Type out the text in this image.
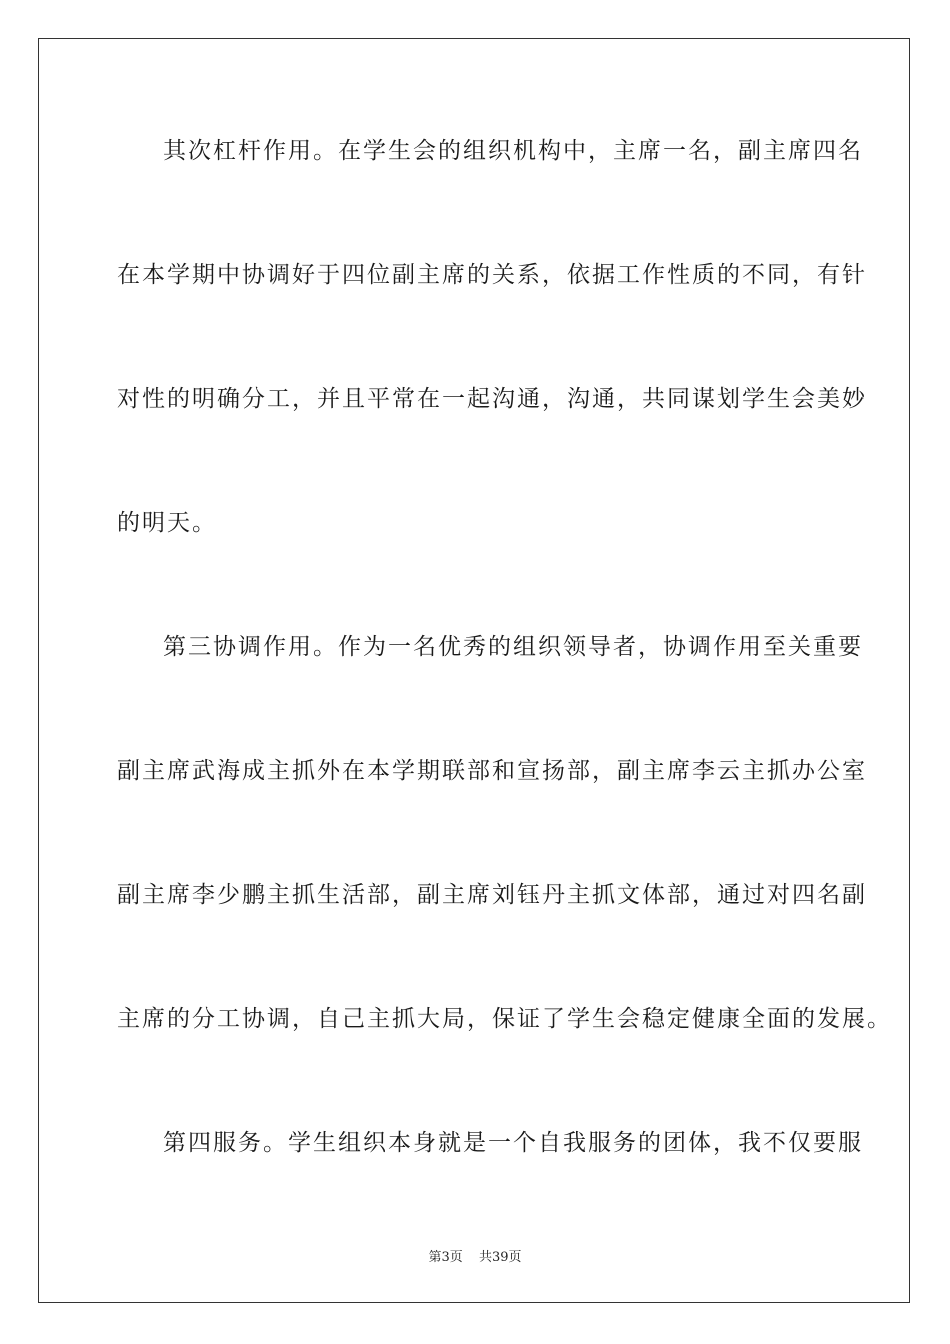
其次杠杆作用。在学生会的组织机构中，主席一名，副主席四名
在本学期中协调好于四位副主席的关系，依据工作性质的不同，有针
对性的明确分工，并且平常在一起沟通，沟通，共同谋划学生会美妙
的明天。
第三协调作用。作为一名优秀的组织领导者，协调作用至关重要
副主席武海成主抓外在本学期联部和宣扬部，副主席李云主抓办公室
副主席李少鹏主抓生活部，副主席刘钰丹主抓文体部，通过对四名副
主席的分工协调，自己主抓大局，保证了学生会稳定健康全面的发展。
第四服务。学生组织本身就是一个自我服务的团体，我不仅要服
第3页 共39页
